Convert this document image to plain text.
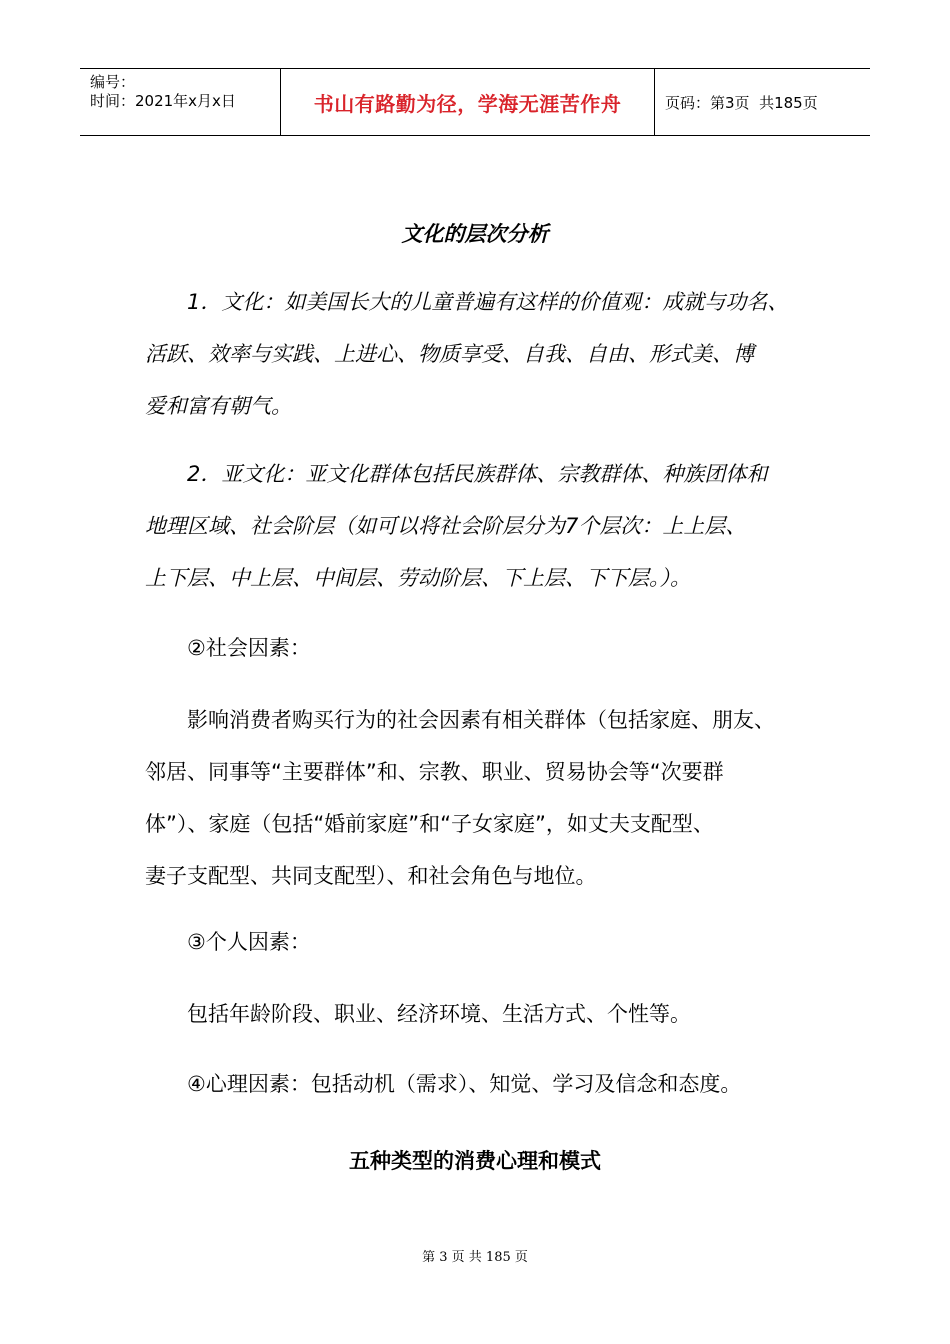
编号：
时间：2021年x月x日	书山有路勤为径，学海无涯苦作舟	页码：第3页  共185页
文化的层次分析
1．文化：如美国长大的儿童普遍有这样的价值观：成就与功名、
活跃、效率与实践、上进心、物质享受、自我、自由、形式美、博
爱和富有朝气。
2．亚文化：亚文化群体包括民族群体、宗教群体、种族团体和
地理区域、社会阶层（如可以将社会阶层分为7个层次：上上层、
上下层、中上层、中间层、劳动阶层、下上层、下下层。）。
②社会因素：
影响消费者购买行为的社会因素有相关群体（包括家庭、朋友、
邻居、同事等“主要群体”和、宗教、职业、贸易协会等“次要群
体”）、家庭（包括“婚前家庭”和“子女家庭”，如丈夫支配型、
妻子支配型、共同支配型）、和社会角色与地位。
③个人因素：
包括年龄阶段、职业、经济环境、生活方式、个性等。
④心理因素：包括动机（需求）、知觉、学习及信念和态度。
五种类型的消费心理和模式
第 3 页 共 185 页
